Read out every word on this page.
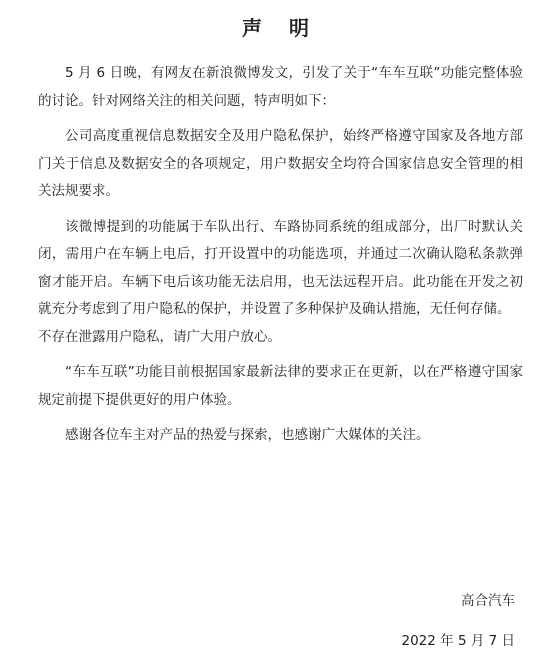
声 明

5 月 6 日晚，有网友在新浪微博发文，引发了关于“车车互联”功能完整体验的讨论。针对网络关注的相关问题，特声明如下：

公司高度重视信息数据安全及用户隐私保护，始终严格遵守国家及各地方部门关于信息及数据安全的各项规定，用户数据安全均符合国家信息安全管理的相关法规要求。

该微博提到的功能属于车队出行、车路协同系统的组成部分，出厂时默认关闭，需用户在车辆上电后，打开设置中的功能选项，并通过二次确认隐私条款弹窗才能开启。车辆下电后该功能无法启用，也无法远程开启。此功能在开发之初就充分考虑到了用户隐私的保护，并设置了多种保护及确认措施，无任何存储。

不存在泄露用户隐私，请广大用户放心。

“车车互联”功能目前根据国家最新法律的要求正在更新，以在严格遵守国家规定前提下提供更好的用户体验。

感谢各位车主对产品的热爱与探索，也感谢广大媒体的关注。

高合汽车
2022 年 5 月 7 日
